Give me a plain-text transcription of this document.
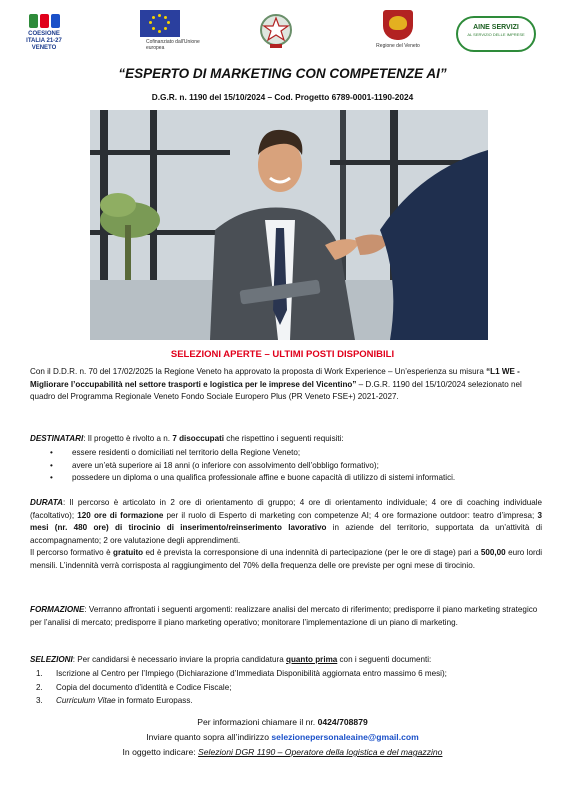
COESIONE ITALIA 21-27 VENETO
Cofinanziato dall'Unione europea	Regione del Veneto
AINE SERVIZI
AL SERVIZIO DELLE IMPRESE
“ESPERTO DI MARKETING CON COMPETENZE AI”
D.G.R. n. 1190 del 15/10/2024 – Cod. Progetto 6789-0001-1190-2024
SELEZIONI APERTE – ULTIMI POSTI DISPONIBILI

Con il D.D.R. n. 70 del 17/02/2025 la Regione Veneto ha approvato la proposta di Work Experience – Un’esperienza su misura “L1 WE - Migliorare l’occupabilità nel settore trasporti e logistica per le imprese del Vicentino” – D.G.R. 1190 del 15/10/2024 selezionato nel quadro del Programma Regionale Veneto Fondo Sociale Europero Plus (PR Veneto FSE+) 2021-2027.

DESTINATARI: Il progetto è rivolto a n. 7 disoccupati che rispettino i seguenti requisiti:

• essere residenti o domiciliati nel territorio della Regione Veneto;
• avere un’età superiore ai 18 anni (o inferiore con assolvimento dell’obbligo formativo);
• possedere un diploma o una qualifica professionale affine e buone capacità di utilizzo di sistemi informatici.

DURATA: Il percorso è articolato in 2 ore di orientamento di gruppo; 4 ore di orientamento individuale; 4 ore di coaching individuale (facoltativo); 120 ore di formazione per il ruolo di Esperto di marketing con competenze AI; 4 ore formazione outdoor: teatro d’impresa; 3 mesi (nr. 480 ore) di tirocinio di inserimento/reinserimento lavorativo in aziende del territorio, supportata da un’attività di accompagnamento; 2 ore valutazione degli apprendimenti.
Il percorso formativo è gratuito ed è prevista la corresponsione di una indennità di partecipazione (per le ore di stage) pari a 500,00 euro lordi mensili. L’indennità verrà corrisposta al raggiungimento del 70% della frequenza delle ore previste per ogni mese di tirocinio.

FORMAZIONE: Verranno affrontati i seguenti argomenti: realizzare analisi del mercato di riferimento; predisporre il piano marketing strategico per l’analisi di mercato; predisporre il piano marketing operativo; monitorare l’implementazione di un piano di marketing.

SELEZIONI: Per candidarsi è necessario inviare la propria candidatura quanto prima con i seguenti documenti:

1. Iscrizione al Centro per l’Impiego (Dichiarazione d’Immediata Disponibilità aggiornata entro massimo 6 mesi);
2. Copia del documento d’identità e Codice Fiscale;
3. Curriculum Vitae in formato Europass.
Per informazioni chiamare il nr. 0424/708879
Inviare quanto sopra all’indirizzo selezionepersonaleaine@gmail.com
In oggetto indicare: Selezioni DGR 1190 – Operatore della logistica e del magazzino
